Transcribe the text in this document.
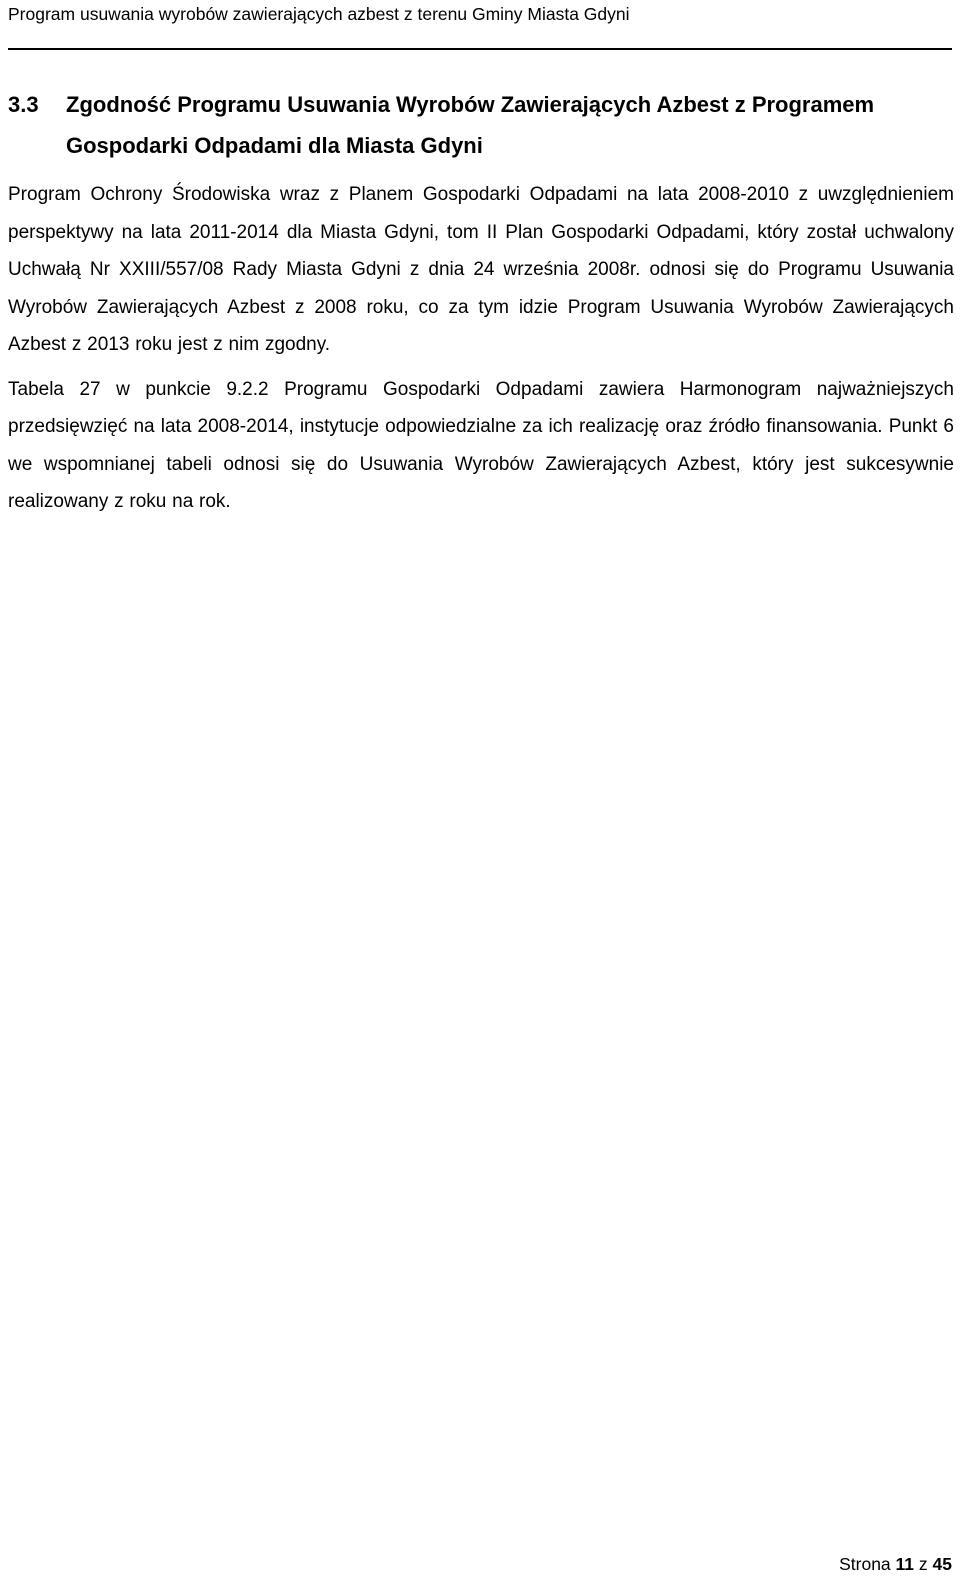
Program usuwania wyrobów zawierających azbest z terenu Gminy Miasta Gdyni
3.3	Zgodność Programu Usuwania Wyrobów Zawierających Azbest z Programem Gospodarki Odpadami dla Miasta Gdyni

Program Ochrony Środowiska wraz z Planem Gospodarki Odpadami na lata 2008-2010 z uwzględnieniem perspektywy na lata 2011-2014 dla Miasta Gdyni, tom II Plan Gospodarki Odpadami, który został uchwalony Uchwałą Nr XXIII/557/08 Rady Miasta Gdyni z dnia 24 września 2008r. odnosi się do Programu Usuwania Wyrobów Zawierających Azbest z 2008 roku, co za tym idzie Program Usuwania Wyrobów Zawierających Azbest z 2013 roku jest z nim zgodny.

Tabela 27 w punkcie 9.2.2 Programu Gospodarki Odpadami zawiera Harmonogram najważniejszych przedsięwzięć na lata 2008-2014, instytucje odpowiedzialne za ich realizację oraz źródło finansowania. Punkt 6 we wspomnianej tabeli odnosi się do Usuwania Wyrobów Zawierających Azbest, który jest sukcesywnie realizowany z roku na rok.

Strona 11 z 45
